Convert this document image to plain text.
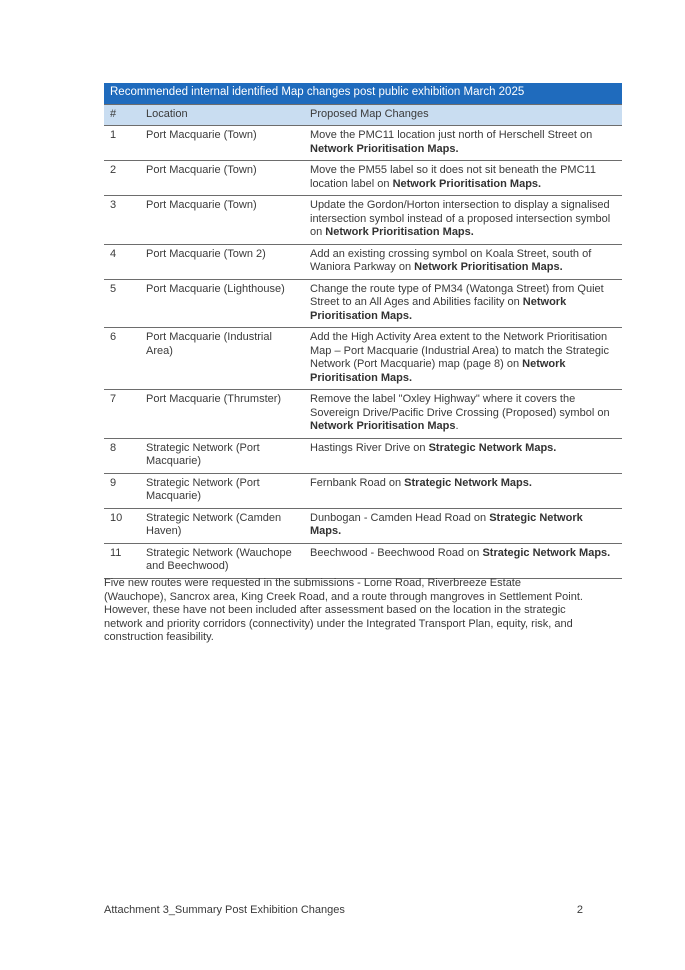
Recommended internal identified Map changes post public exhibition March 2025		
#	Location	Proposed Map Changes
1	Port Macquarie (Town)	Move the PMC11 location just north of Herschell Street on Network Prioritisation Maps.
2	Port Macquarie (Town)	Move the PM55 label so it does not sit beneath the PMC11 location label on Network Prioritisation Maps.
3	Port Macquarie (Town)	Update the Gordon/Horton intersection to display a signalised intersection symbol instead of a proposed intersection symbol on Network Prioritisation Maps.
4	Port Macquarie (Town 2)	Add an existing crossing symbol on Koala Street, south of Waniora Parkway on Network Prioritisation Maps.
5	Port Macquarie (Lighthouse)	Change the route type of PM34 (Watonga Street) from Quiet Street to an All Ages and Abilities facility on Network Prioritisation Maps.
6	Port Macquarie (Industrial Area)	Add the High Activity Area extent to the Network Prioritisation Map – Port Macquarie (Industrial Area) to match the Strategic Network (Port Macquarie) map (page 8) on Network Prioritisation Maps.
7	Port Macquarie (Thrumster)	Remove the label "Oxley Highway" where it covers the Sovereign Drive/Pacific Drive Crossing (Proposed) symbol on Network Prioritisation Maps.
8	Strategic Network (Port Macquarie)	Hastings River Drive on Strategic Network Maps.
9	Strategic Network (Port Macquarie)	Fernbank Road on Strategic Network Maps.
10	Strategic Network (Camden Haven)	Dunbogan - Camden Head Road on Strategic Network Maps.
11	Strategic Network (Wauchope and Beechwood)	Beechwood - Beechwood Road on Strategic Network Maps.

Five new routes were requested in the submissions - Lorne Road, Riverbreeze Estate (Wauchope), Sancrox area, King Creek Road, and a route through mangroves in Settlement Point. However, these have not been included after assessment based on the location in the strategic network and priority corridors (connectivity) under the Integrated Transport Plan, equity, risk, and construction feasibility.

Attachment 3_Summary Post Exhibition Changes	2
